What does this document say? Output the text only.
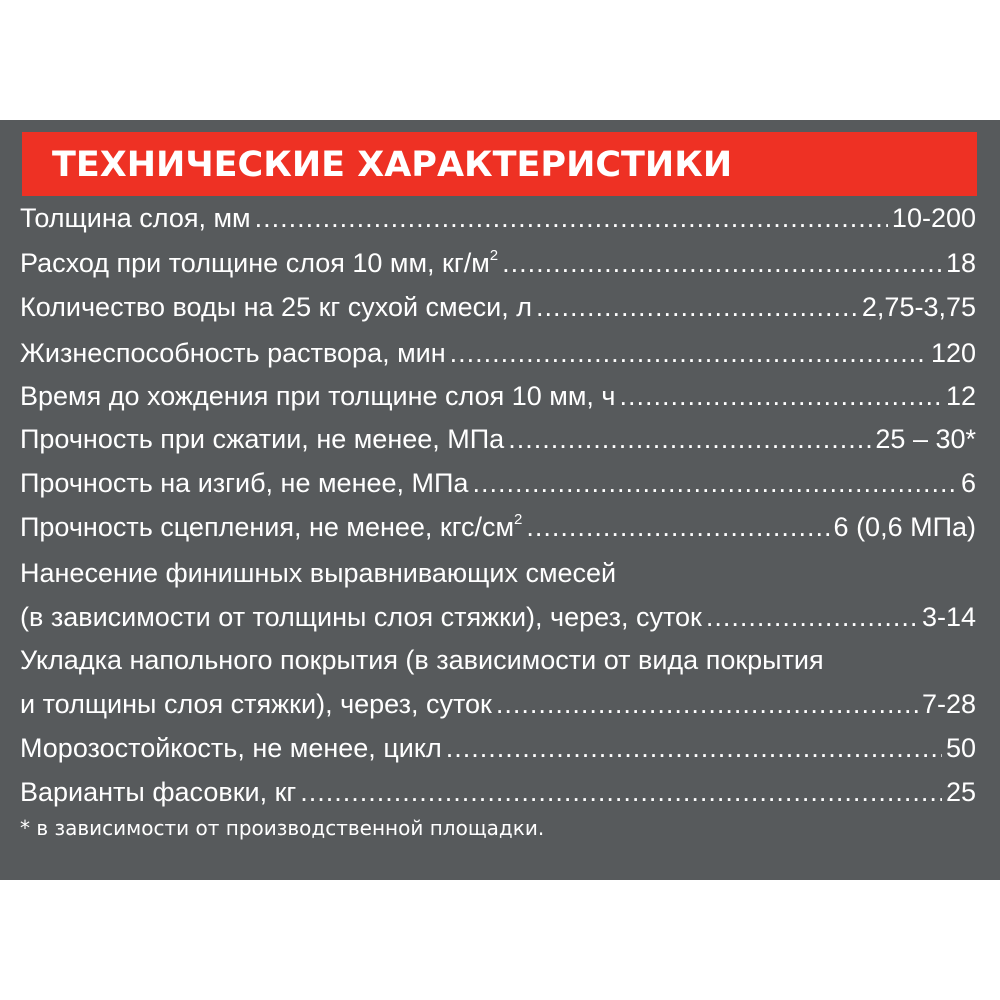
ТЕХНИЧЕСКИЕ ХАРАКТЕРИСТИКИ
Толщина слоя, мм .....	10-200
Расход при толщине слоя 10 мм, $кг/м^2$ .....	18
Количество воды на 25 кг сухой смеси, л .....	2,75-3,75
Жизнеспособность раствора, мин .....	120
Время до хождения при толщине слоя 10 мм, ч .....	12
Прочность при сжатии, не менее, МПа .....	25 – 30*
Прочность на изгиб, не менее, МПа .....	6
Прочность сцепления, не менее, кгс/$см^2$ .....	6 (0,6 МПа)
Нанесение финишных выравнивающих смесей
(в зависимости от толщины слоя стяжки), через, суток .....	3-14
Укладка напольного покрытия (в зависимости от вида покрытия
и толщины слоя стяжки), через, суток .....	7-28
Морозостойкость, не менее, цикл .....	50
Варианты фасовки, кг .....	25
* в зависимости от производственной площадки.
